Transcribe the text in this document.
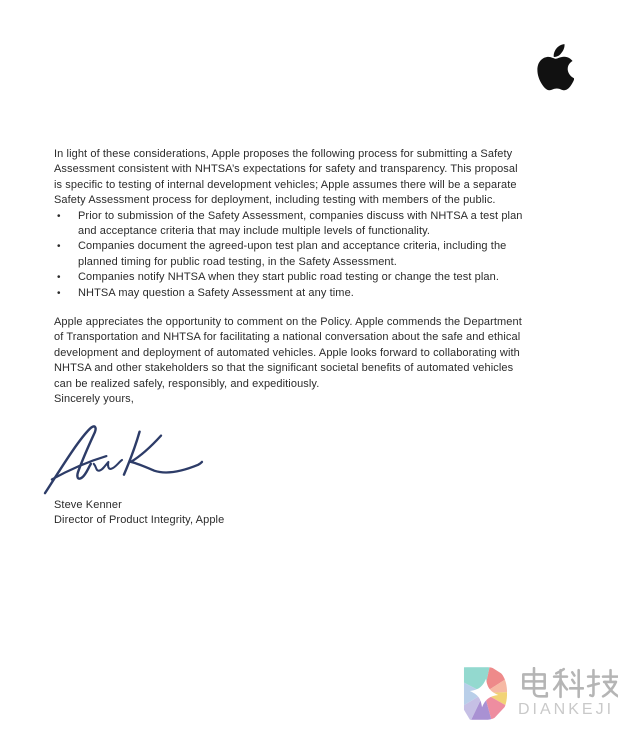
In light of these considerations, Apple proposes the following process for submitting a Safety Assessment consistent with NHTSA’s expectations for safety and transparency. This proposal is specific to testing of internal development vehicles; Apple assumes there will be a separate Safety Assessment process for deployment, including testing with members of the public.

• Prior to submission of the Safety Assessment, companies discuss with NHTSA a test plan and acceptance criteria that may include multiple levels of functionality.
• Companies document the agreed-upon test plan and acceptance criteria, including the planned timing for public road testing, in the Safety Assessment.
• Companies notify NHTSA when they start public road testing or change the test plan.
• NHTSA may question a Safety Assessment at any time.

Apple appreciates the opportunity to comment on the Policy. Apple commends the Department of Transportation and NHTSA for facilitating a national conversation about the safe and ethical development and deployment of automated vehicles. Apple looks forward to collaborating with NHTSA and other stakeholders so that the significant societal benefits of automated vehicles can be realized safely, responsibly, and expeditiously.

Sincerely yours,

Steve Kenner

Director of Product Integrity, Apple

DIANKEJI
